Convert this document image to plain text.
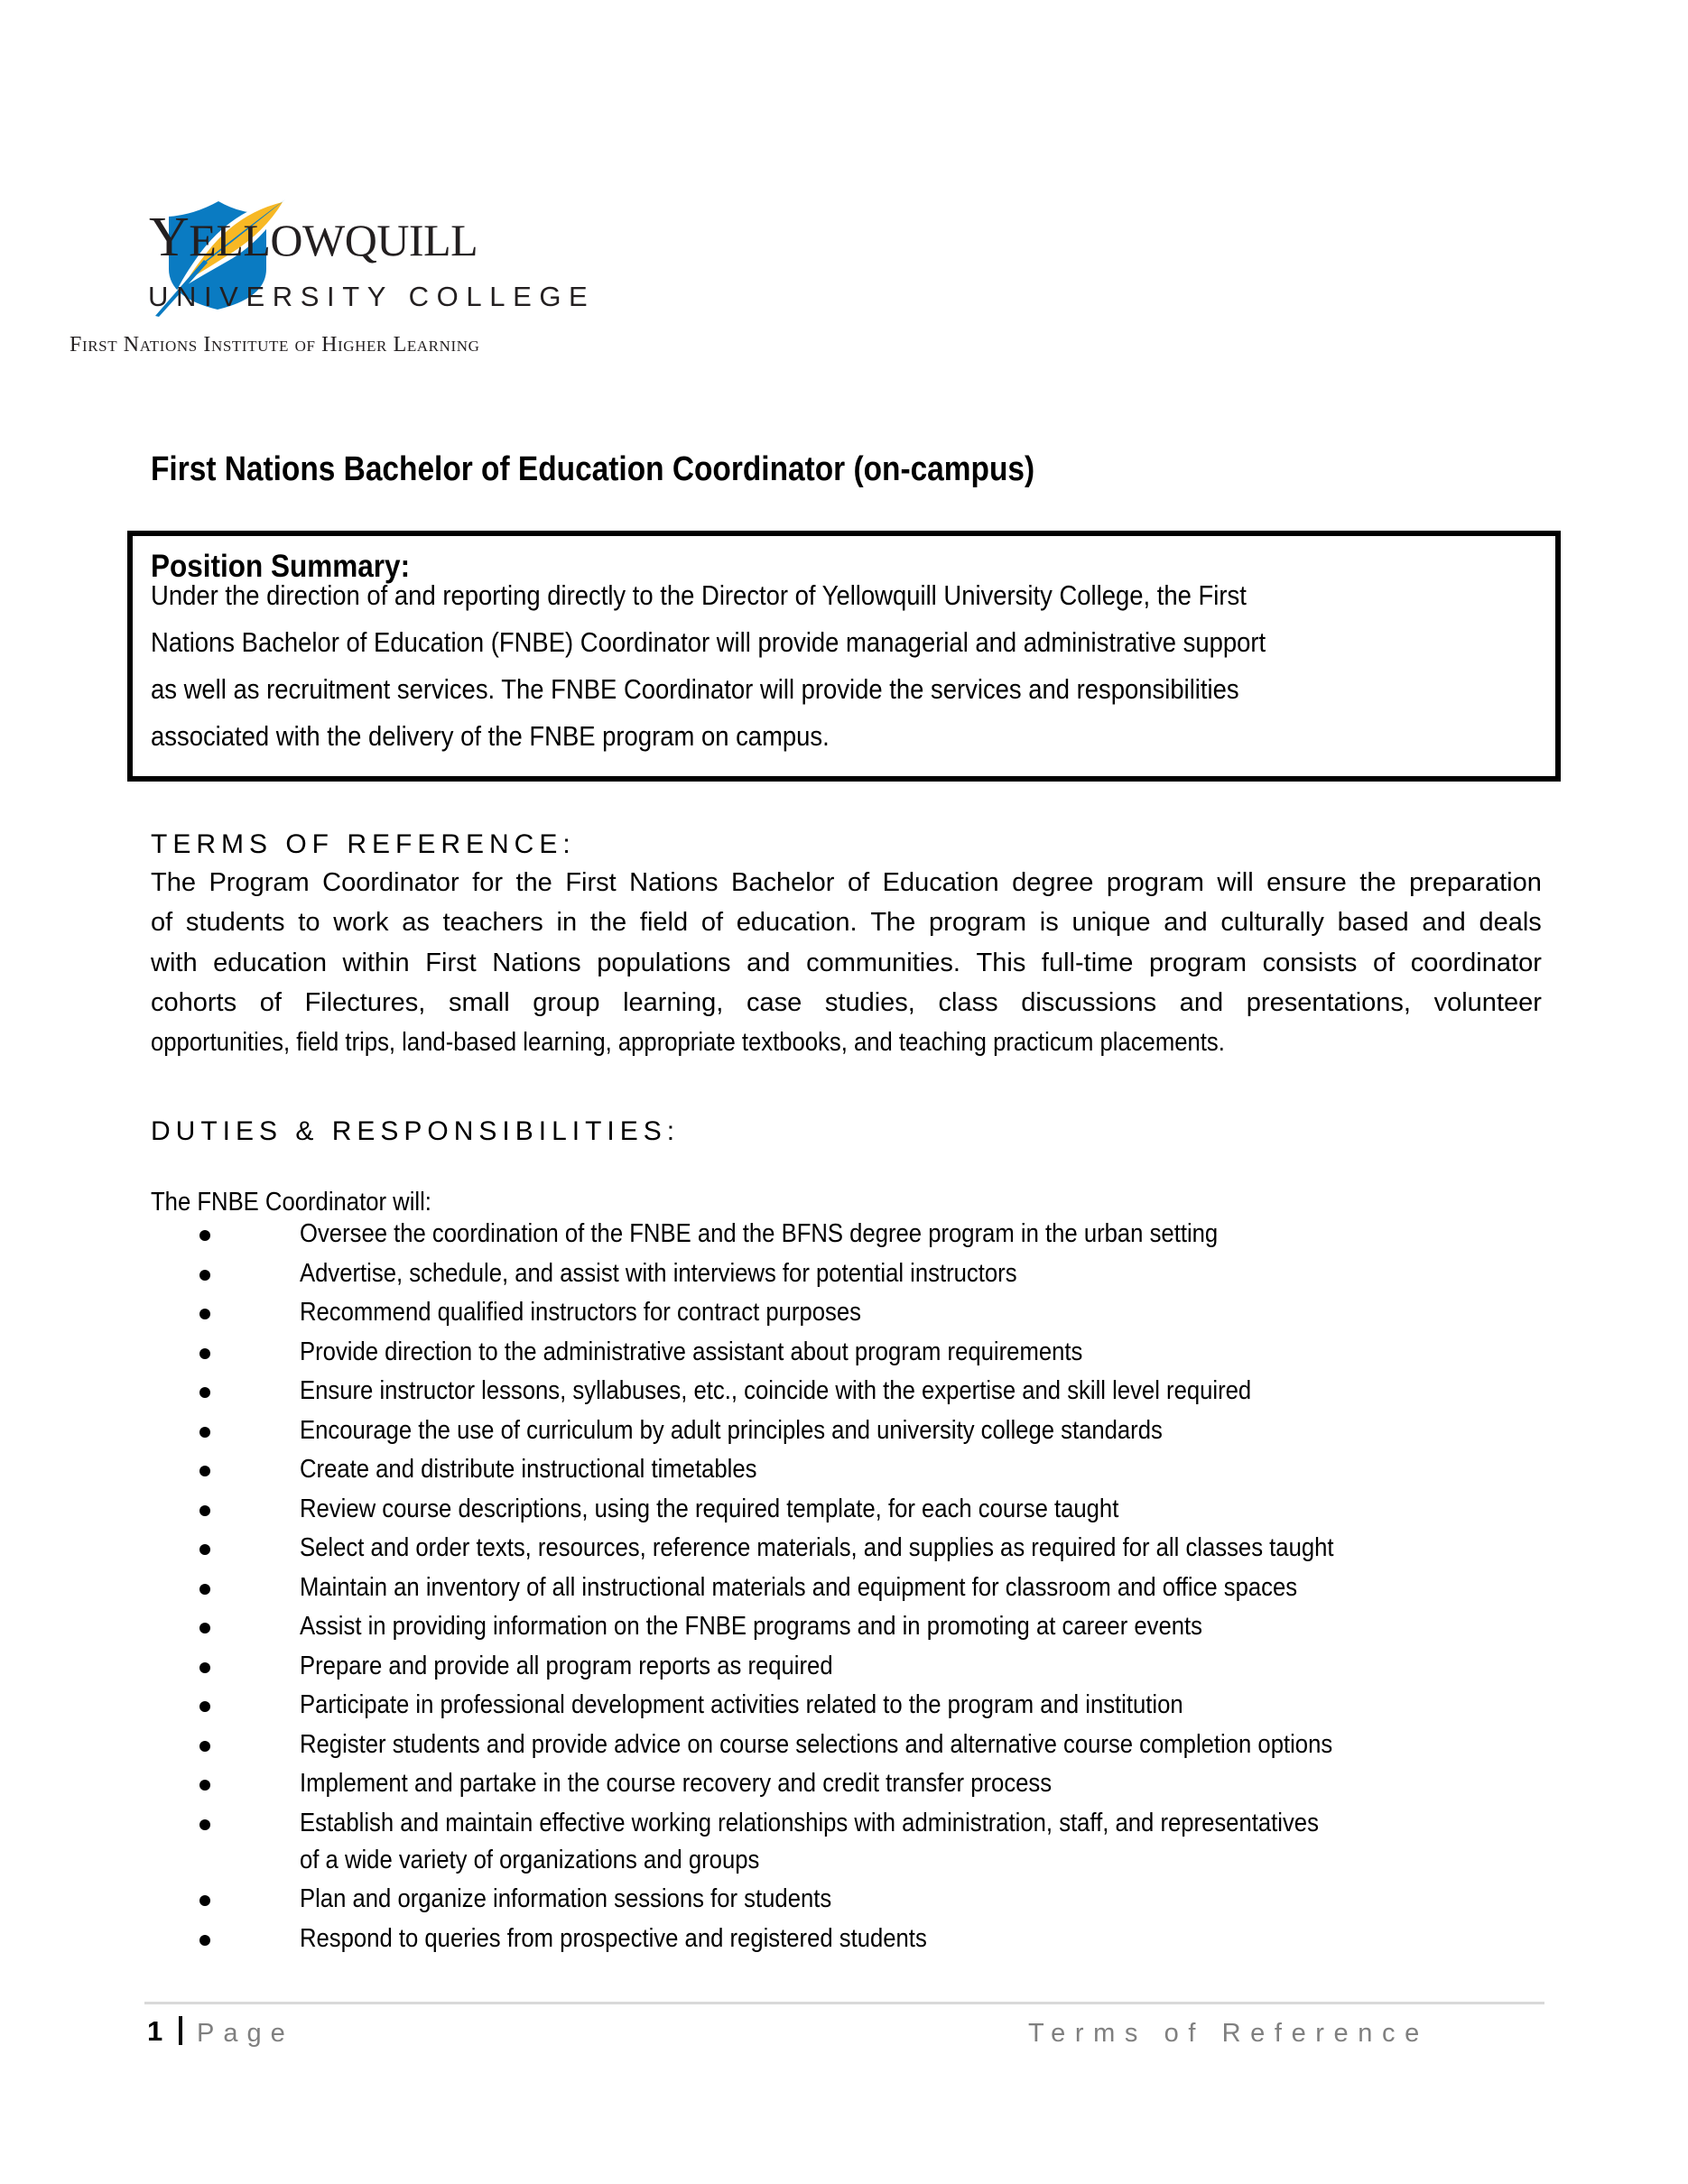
YELLOWQUILL
UNIVERSITY COLLEGE
First Nations Institute of Higher Learning
First Nations Bachelor of Education Coordinator (on-campus)
Position Summary:
Under the direction of and reporting directly to the Director of Yellowquill University College, the First
Nations Bachelor of Education (FNBE) Coordinator will provide managerial and administrative support
as well as recruitment services. The FNBE Coordinator will provide the services and responsibilities
associated with the delivery of the FNBE program on campus.
TERMS OF REFERENCE:
The Program Coordinator for the First Nations Bachelor of Education degree program will ensure the preparation
of students to work as teachers in the field of education. The program is unique and culturally based and deals
with education within First Nations populations and communities. This full-time program consists of coordinator
cohorts of Filectures, small group learning, case studies, class discussions and presentations, volunteer
opportunities, field trips, land-based learning, appropriate textbooks, and teaching practicum placements.
DUTIES & RESPONSIBILITIES:
The FNBE Coordinator will:
Oversee the coordination of the FNBE and the BFNS degree program in the urban setting
Advertise, schedule, and assist with interviews for potential instructors
Recommend qualified instructors for contract purposes
Provide direction to the administrative assistant about program requirements
Ensure instructor lessons, syllabuses, etc., coincide with the expertise and skill level required
Encourage the use of curriculum by adult principles and university college standards
Create and distribute instructional timetables
Review course descriptions, using the required template, for each course taught
Select and order texts, resources, reference materials, and supplies as required for all classes taught
Maintain an inventory of all instructional materials and equipment for classroom and office spaces
Assist in providing information on the FNBE programs and in promoting at career events
Prepare and provide all program reports as required
Participate in professional development activities related to the program and institution
Register students and provide advice on course selections and alternative course completion options
Implement and partake in the course recovery and credit transfer process
Establish and maintain effective working relationships with administration, staff, and representatives
of a wide variety of organizations and groups
Plan and organize information sessions for students
Respond to queries from prospective and registered students
1 Page	Terms of Reference
